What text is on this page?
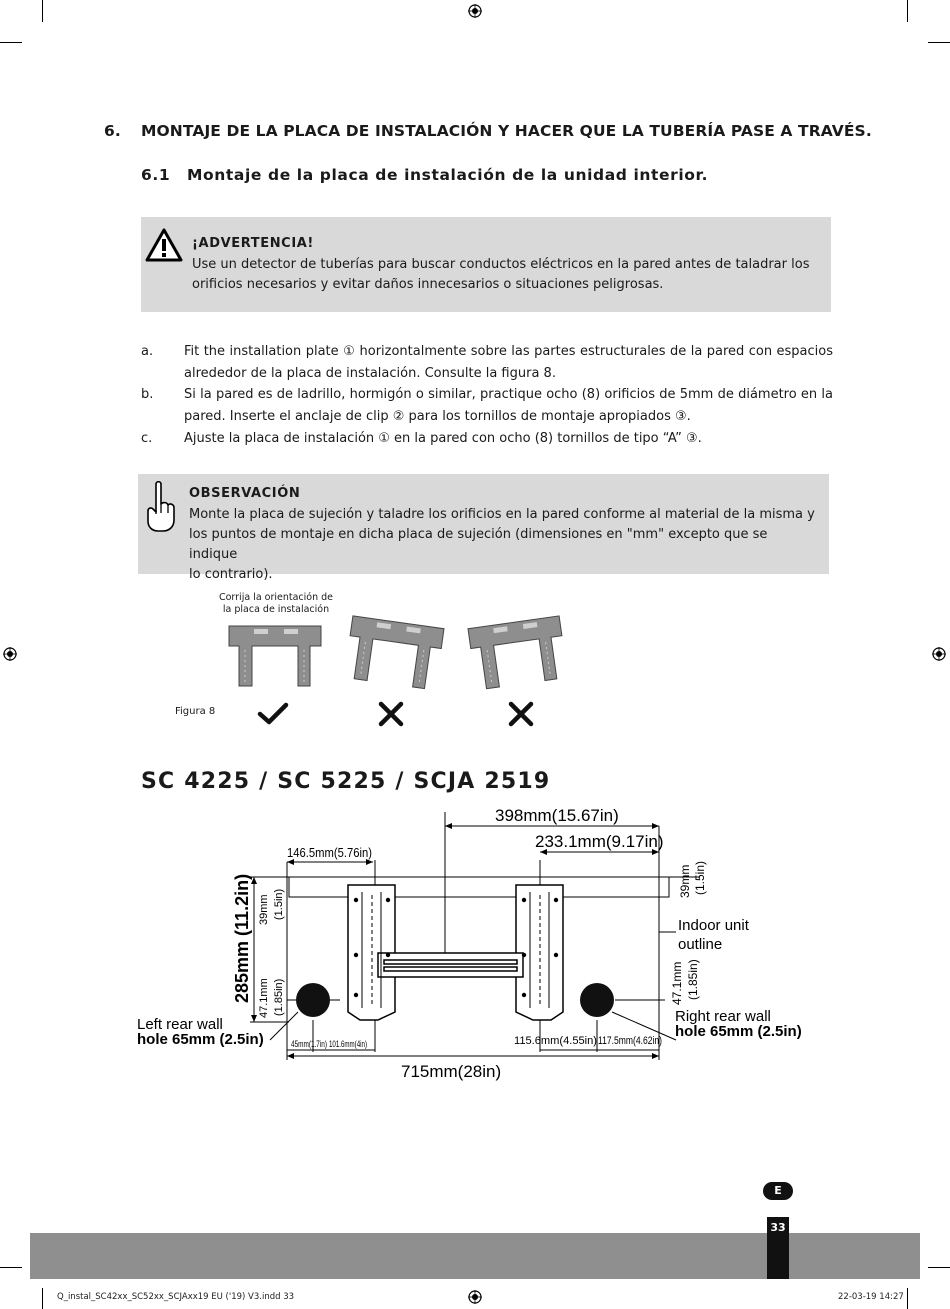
6. MONTAJE DE LA PLACA DE INSTALACIÓN Y HACER QUE LA TUBERÍA PASE A TRAVÉS.
6.1 Montaje de la placa de instalación de la unidad interior.
¡ADVERTENCIA!
Use un detector de tuberías para buscar conductos eléctricos en la pared antes de taladrar los
orificios necesarios y evitar daños innecesarios o situaciones peligrosas.
a. Fit the installation plate ① horizontalmente sobre las partes estructurales de la pared con espacios
alrededor de la placa de instalación. Consulte la figura 8.
b. Si la pared es de ladrillo, hormigón o similar, practique ocho (8) orificios de 5mm de diámetro en la
pared. Inserte el anclaje de clip ② para los tornillos de montaje apropiados ③.
c. Ajuste la placa de instalación ① en la pared con ocho (8) tornillos de tipo “A” ③.
OBSERVACIÓN
Monte la placa de sujeción y taladre los orificios en la pared conforme al material de la misma y
los puntos de montaje en dicha placa de sujeción (dimensiones en "mm" excepto que se indique
lo contrario).
Corrija la orientación de
la placa de instalación
Figura 8
SC 4225 / SC 5225 / SCJA 2519
398mm(15.67in)
233.1mm(9.17in)
146.5mm(5.76in)
285mm (11.2in) 39mm (1.5in)
47.1mm (1.85in)
39mm (1.5in)
47.1mm (1.85in)
45mm(1.7in) 101.6mm(4in)	115.6mm(4.55in) 117.5mm(4.62in)
715mm(28in)
Indoor unit
outline
Left rear wall
hole 65mm (2.5in)
Right rear wall
hole 65mm (2.5in)
E
33
Q_instal_SC42xx_SC52xx_SCJAxx19 EU ('19) V3.indd 33	22-03-19 14:27
